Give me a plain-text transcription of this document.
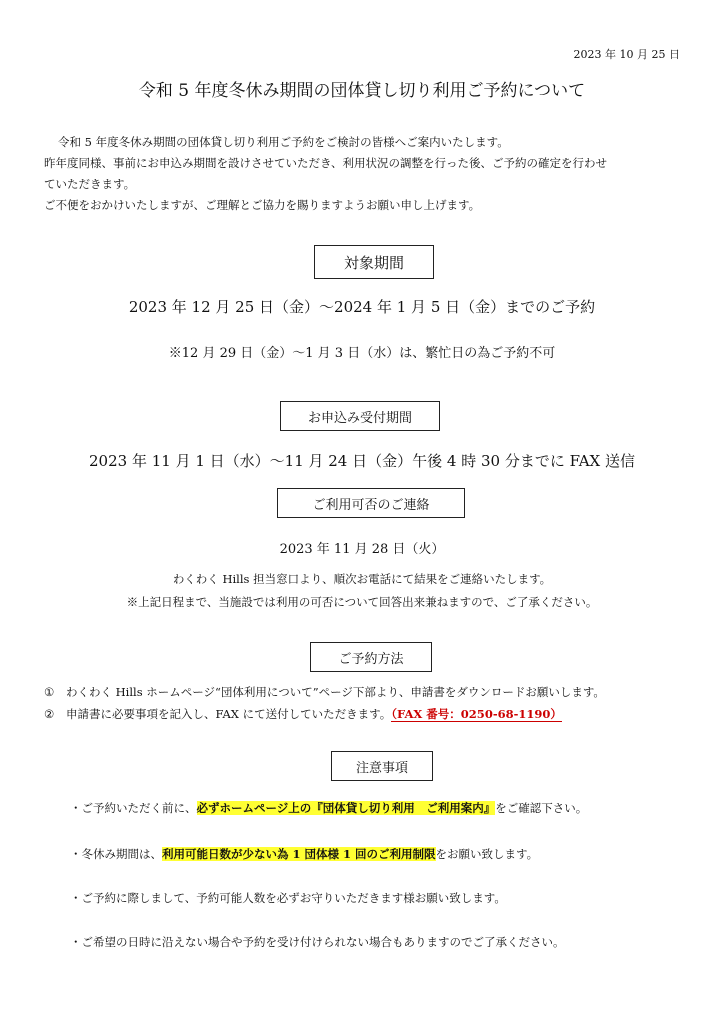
2023 年 10 月 25 日
令和 5 年度冬休み期間の団体貸し切り利用ご予約について

令和 5 年度冬休み期間の団体貸し切り利用ご予約をご検討の皆様へご案内いたします。

昨年度同様、事前にお申込み期間を設けさせていただき、利用状況の調整を行った後、ご予約の確定を行わせ

ていただきます。

ご不便をおかけいたしますが、ご理解とご協力を賜りますようお願い申し上げます。

対象期間
2023 年 12 月 25 日（金）～2024 年 1 月 5 日（金）までのご予約
※12 月 29 日（金）～1 月 3 日（水）は、繁忙日の為ご予約不可
お申込み受付期間
2023 年 11 月 1 日（水）～11 月 24 日（金）午後 4 時 30 分までに FAX 送信
ご利用可否のご連絡
2023 年 11 月 28 日（火）
わくわく Hills 担当窓口より、順次お電話にて結果をご連絡いたします。
※上記日程まで、当施設では利用の可否について回答出来兼ねますので、ご了承ください。
ご予約方法
① わくわく Hills ホームページ“団体利用について”ページ下部より、申請書をダウンロードお願いします。
② 申請書に必要事項を記入し、FAX にて送付していただきます。（FAX 番号：0250-68-1190）
注意事項
・ご予約いただく前に、必ずホームページ上の『団体貸し切り利用　ご利用案内』をご確認下さい。
・冬休み期間は、利用可能日数が少ない為 1 団体様 1 回のご利用制限をお願い致します。
・ご予約に際しまして、予約可能人数を必ずお守りいただきます様お願い致します。
・ご希望の日時に沿えない場合や予約を受け付けられない場合もありますのでご了承ください。
